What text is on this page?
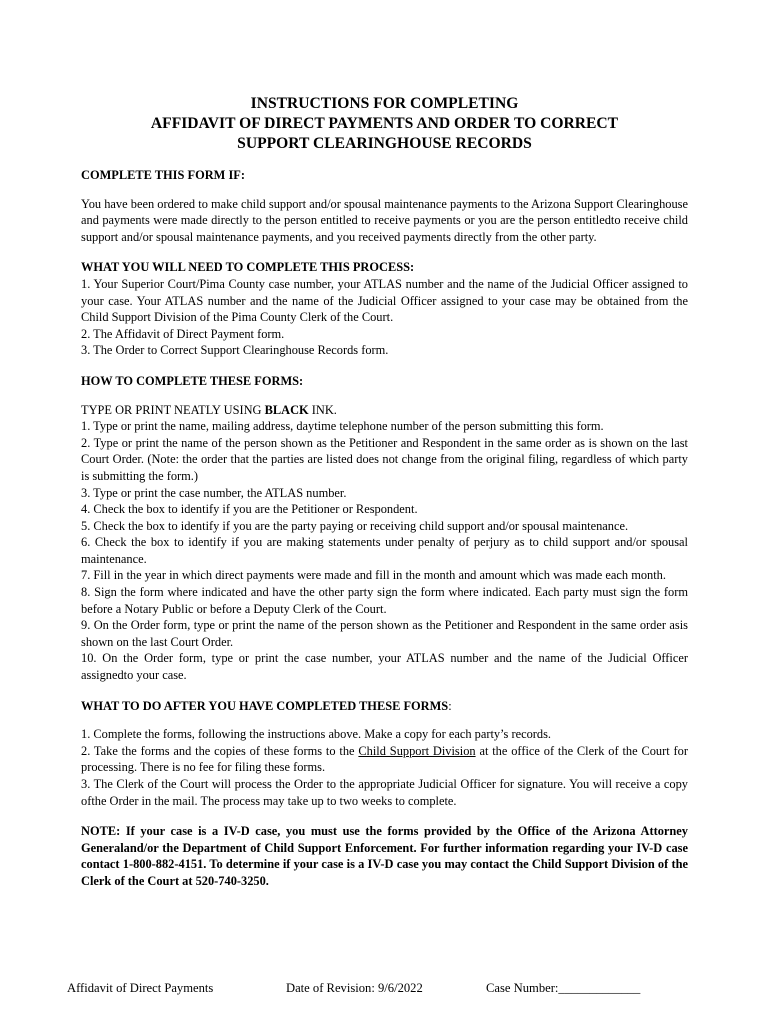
INSTRUCTIONS FOR COMPLETING
AFFIDAVIT OF DIRECT PAYMENTS AND ORDER TO CORRECT
SUPPORT CLEARINGHOUSE RECORDS
COMPLETE THIS FORM IF:

You have been ordered to make child support and/or spousal maintenance payments to the Arizona Support Clearinghouse and payments were made directly to the person entitled to receive payments or you are the person entitledto receive child support and/or spousal maintenance payments, and you received payments directly from the other party.

WHAT YOU WILL NEED TO COMPLETE THIS PROCESS:

1. Your Superior Court/Pima County case number, your ATLAS number and the name of the Judicial Officer assigned to your case. Your ATLAS number and the name of the Judicial Officer assigned to your case may be obtained from the Child Support Division of the Pima County Clerk of the Court.

2. The Affidavit of Direct Payment form.

3. The Order to Correct Support Clearinghouse Records form.

HOW TO COMPLETE THESE FORMS:

TYPE OR PRINT NEATLY USING BLACK INK.

1. Type or print the name, mailing address, daytime telephone number of the person submitting this form.

2. Type or print the name of the person shown as the Petitioner and Respondent in the same order as is shown on the last Court Order. (Note: the order that the parties are listed does not change from the original filing, regardless of which party is submitting the form.)

3. Type or print the case number, the ATLAS number.

4. Check the box to identify if you are the Petitioner or Respondent.

5. Check the box to identify if you are the party paying or receiving child support and/or spousal maintenance.

6. Check the box to identify if you are making statements under penalty of perjury as to child support and/or spousal maintenance.

7. Fill in the year in which direct payments were made and fill in the month and amount which was made each month.

8. Sign the form where indicated and have the other party sign the form where indicated. Each party must sign the form before a Notary Public or before a Deputy Clerk of the Court.

9. On the Order form, type or print the name of the person shown as the Petitioner and Respondent in the same order asis shown on the last Court Order.

10. On the Order form, type or print the case number, your ATLAS number and the name of the Judicial Officer assignedto your case.

WHAT TO DO AFTER YOU HAVE COMPLETED THESE FORMS:

1. Complete the forms, following the instructions above. Make a copy for each party’s records.

2. Take the forms and the copies of these forms to the Child Support Division at the office of the Clerk of the Court for processing. There is no fee for filing these forms.

3. The Clerk of the Court will process the Order to the appropriate Judicial Officer for signature. You will receive a copy ofthe Order in the mail. The process may take up to two weeks to complete.

NOTE: If your case is a IV-D case, you must use the forms provided by the Office of the Arizona Attorney Generaland/or the Department of Child Support Enforcement. For further information regarding your IV-D case contact 1-800-882-4151. To determine if your case is a IV-D case you may contact the Child Support Division of the Clerk of the Court at 520-740-3250.

Affidavit of Direct Payments	Date of Revision: 9/6/2022	Case Number:_____________
